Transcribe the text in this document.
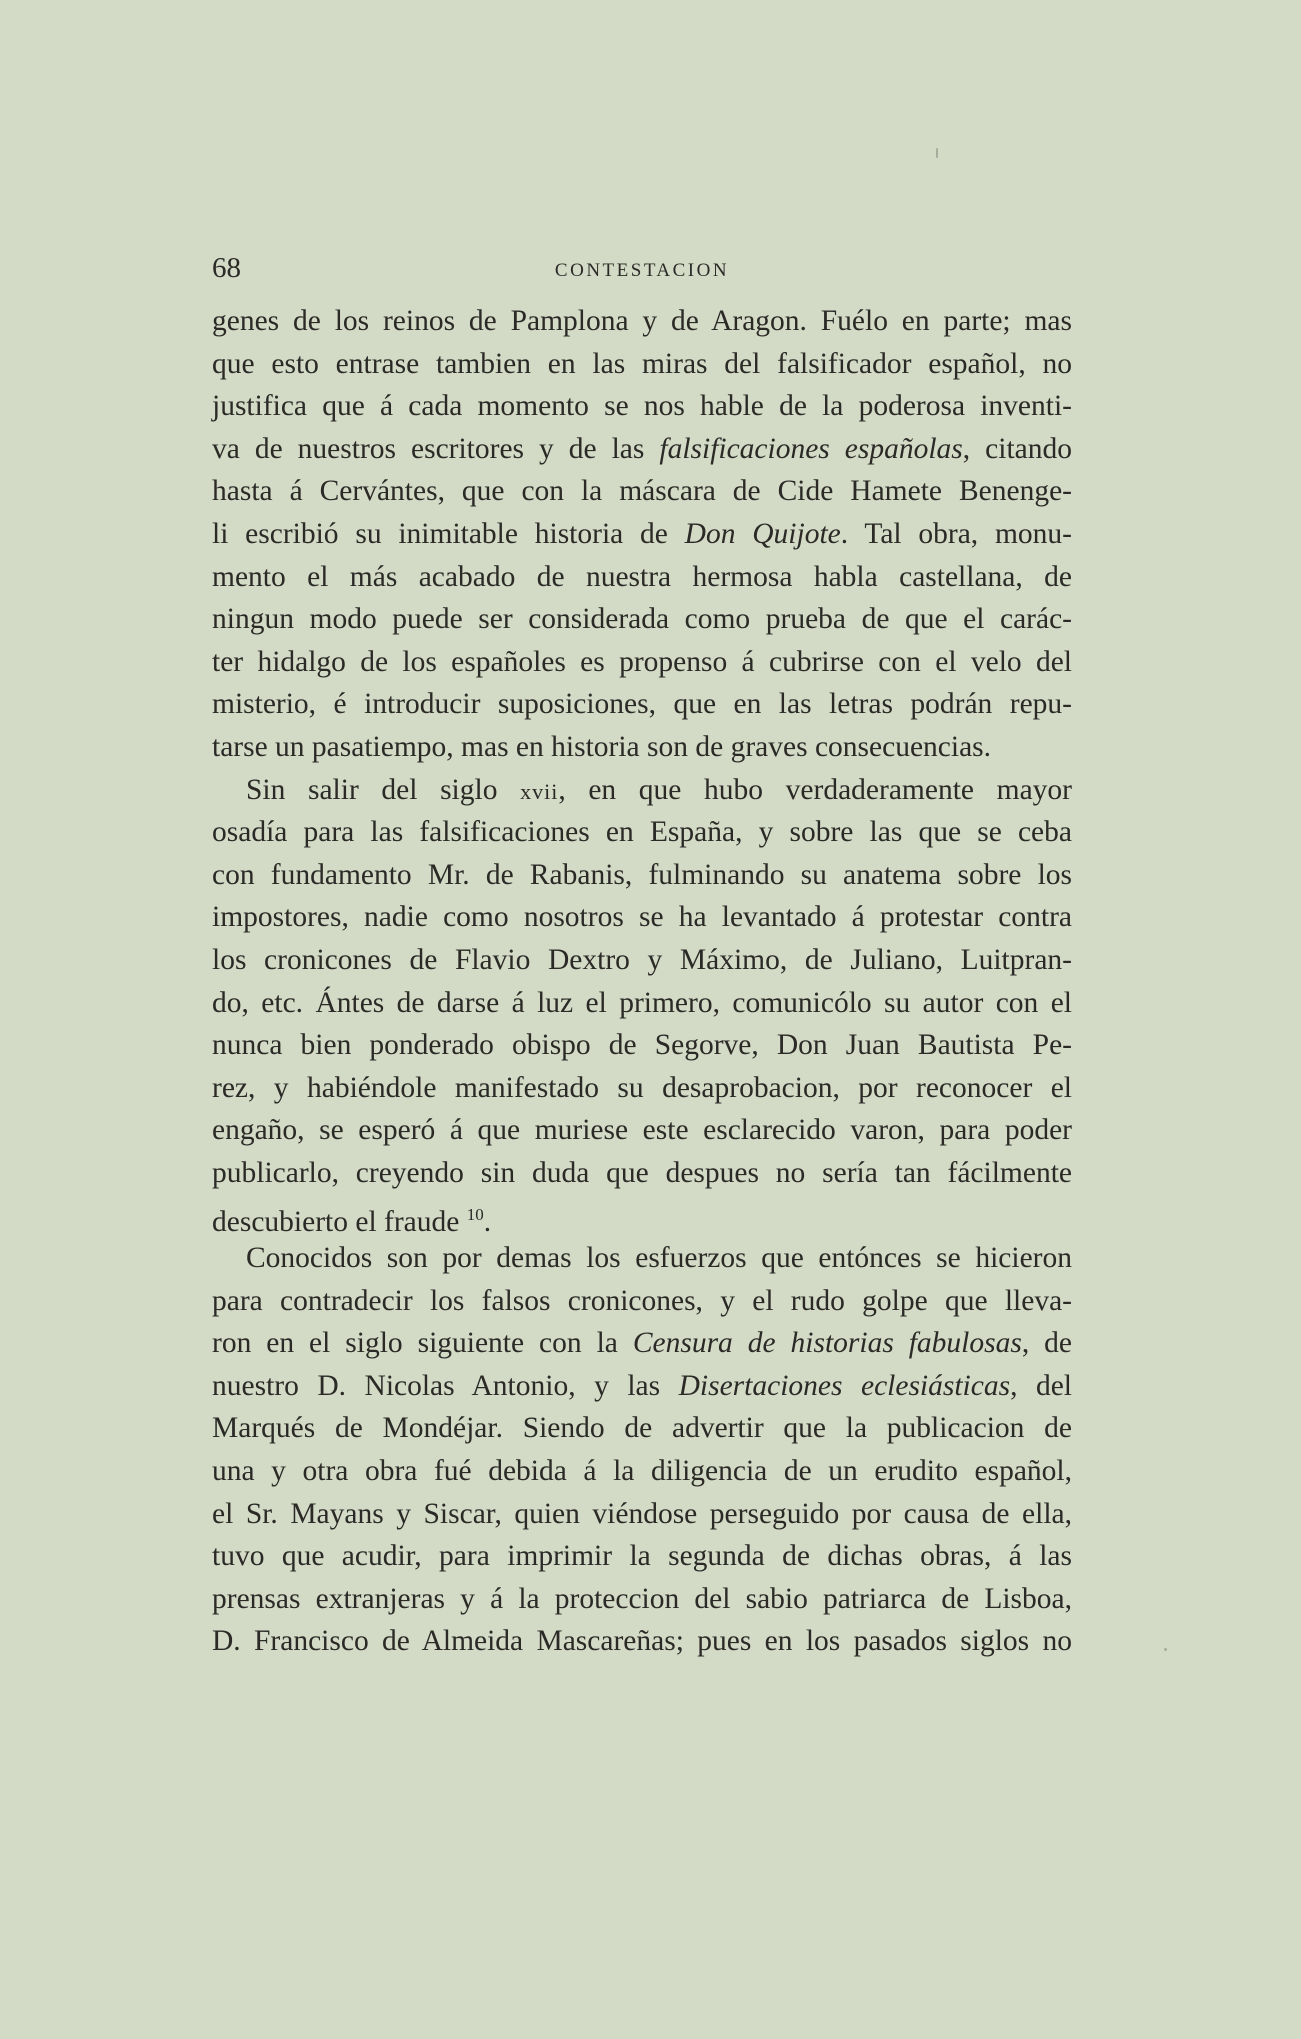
68	CONTESTACION
genes de los reinos de Pamplona y de Aragon. Fuélo en parte; mas
que esto entrase tambien en las miras del falsificador español, no
justifica que á cada momento se nos hable de la poderosa inventi-
va de nuestros escritores y de las falsificaciones españolas, citando
hasta á Cervántes, que con la máscara de Cide Hamete Benenge-
li escribió su inimitable historia de Don Quijote. Tal obra, monu-
mento el más acabado de nuestra hermosa habla castellana, de
ningun modo puede ser considerada como prueba de que el carác-
ter hidalgo de los españoles es propenso á cubrirse con el velo del
misterio, é introducir suposiciones, que en las letras podrán repu-
tarse un pasatiempo, mas en historia son de graves consecuencias.
Sin salir del siglo xvii, en que hubo verdaderamente mayor
osadía para las falsificaciones en España, y sobre las que se ceba
con fundamento Mr. de Rabanis, fulminando su anatema sobre los
impostores, nadie como nosotros se ha levantado á protestar contra
los cronicones de Flavio Dextro y Máximo, de Juliano, Luitpran-
do, etc. Ántes de darse á luz el primero, comunicólo su autor con el
nunca bien ponderado obispo de Segorve, Don Juan Bautista Pe-
rez, y habiéndole manifestado su desaprobacion, por reconocer el
engaño, se esperó á que muriese este esclarecido varon, para poder
publicarlo, creyendo sin duda que despues no sería tan fácilmente
descubierto el fraude $^{10}$.
Conocidos son por demas los esfuerzos que entónces se hicieron
para contradecir los falsos cronicones, y el rudo golpe que lleva-
ron en el siglo siguiente con la Censura de historias fabulosas, de
nuestro D. Nicolas Antonio, y las Disertaciones eclesiásticas, del
Marqués de Mondéjar. Siendo de advertir que la publicacion de
una y otra obra fué debida á la diligencia de un erudito español,
el Sr. Mayans y Siscar, quien viéndose perseguido por causa de ella,
tuvo que acudir, para imprimir la segunda de dichas obras, á las
prensas extranjeras y á la proteccion del sabio patriarca de Lisboa,
D. Francisco de Almeida Mascareñas; pues en los pasados siglos no
